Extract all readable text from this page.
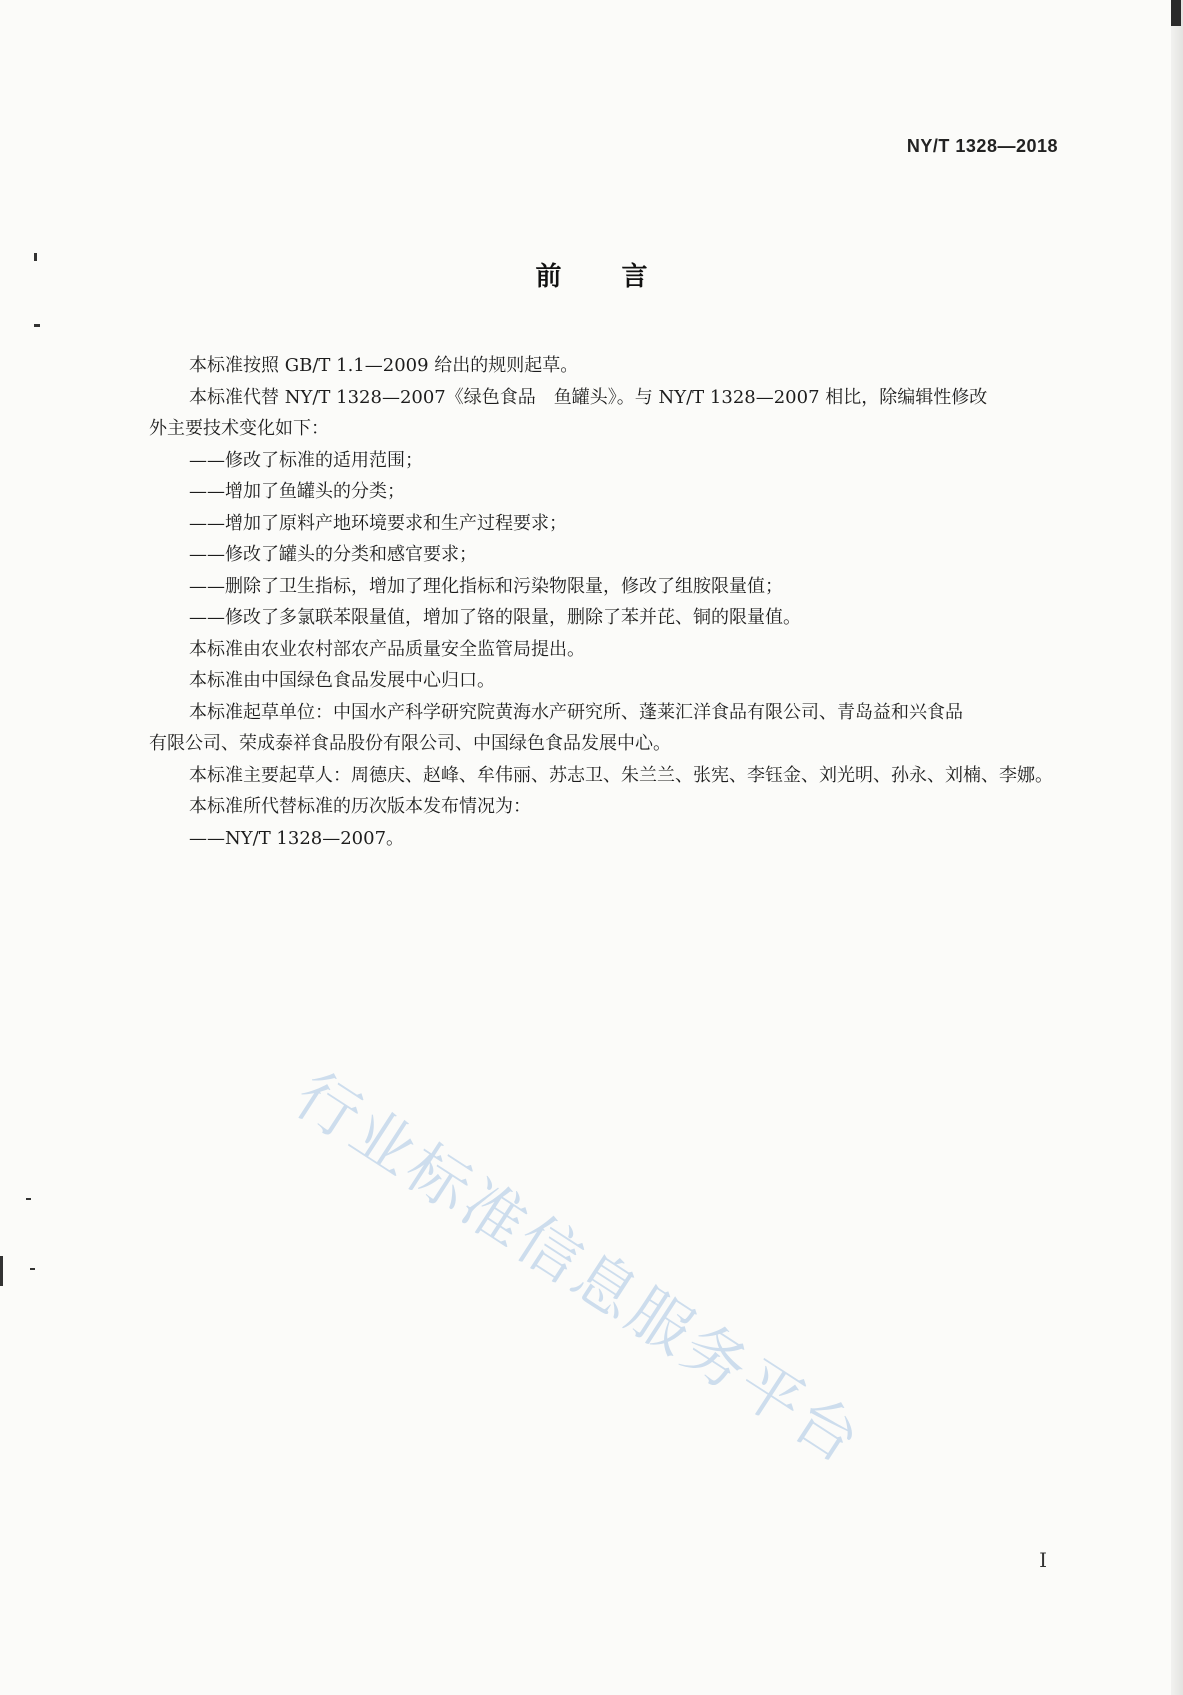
NY/T 1328—2018
前言

本标准按照 GB/T 1.1—2009 给出的规则起草。

本标准代替 NY/T 1328—2007《绿色食品　鱼罐头》。与 NY/T 1328—2007 相比，除编辑性修改

外主要技术变化如下：

——修改了标准的适用范围；

——增加了鱼罐头的分类；

——增加了原料产地环境要求和生产过程要求；

——修改了罐头的分类和感官要求；

——删除了卫生指标，增加了理化指标和污染物限量，修改了组胺限量值；

——修改了多氯联苯限量值，增加了铬的限量，删除了苯并芘、铜的限量值。

本标准由农业农村部农产品质量安全监管局提出。

本标准由中国绿色食品发展中心归口。

本标准起草单位：中国水产科学研究院黄海水产研究所、蓬莱汇洋食品有限公司、青岛益和兴食品

有限公司、荣成泰祥食品股份有限公司、中国绿色食品发展中心。

本标准主要起草人：周德庆、赵峰、牟伟丽、苏志卫、朱兰兰、张宪、李钰金、刘光明、孙永、刘楠、李娜。

本标准所代替标准的历次版本发布情况为：

——NY/T 1328—2007。

行业标准信息服务平台
I
